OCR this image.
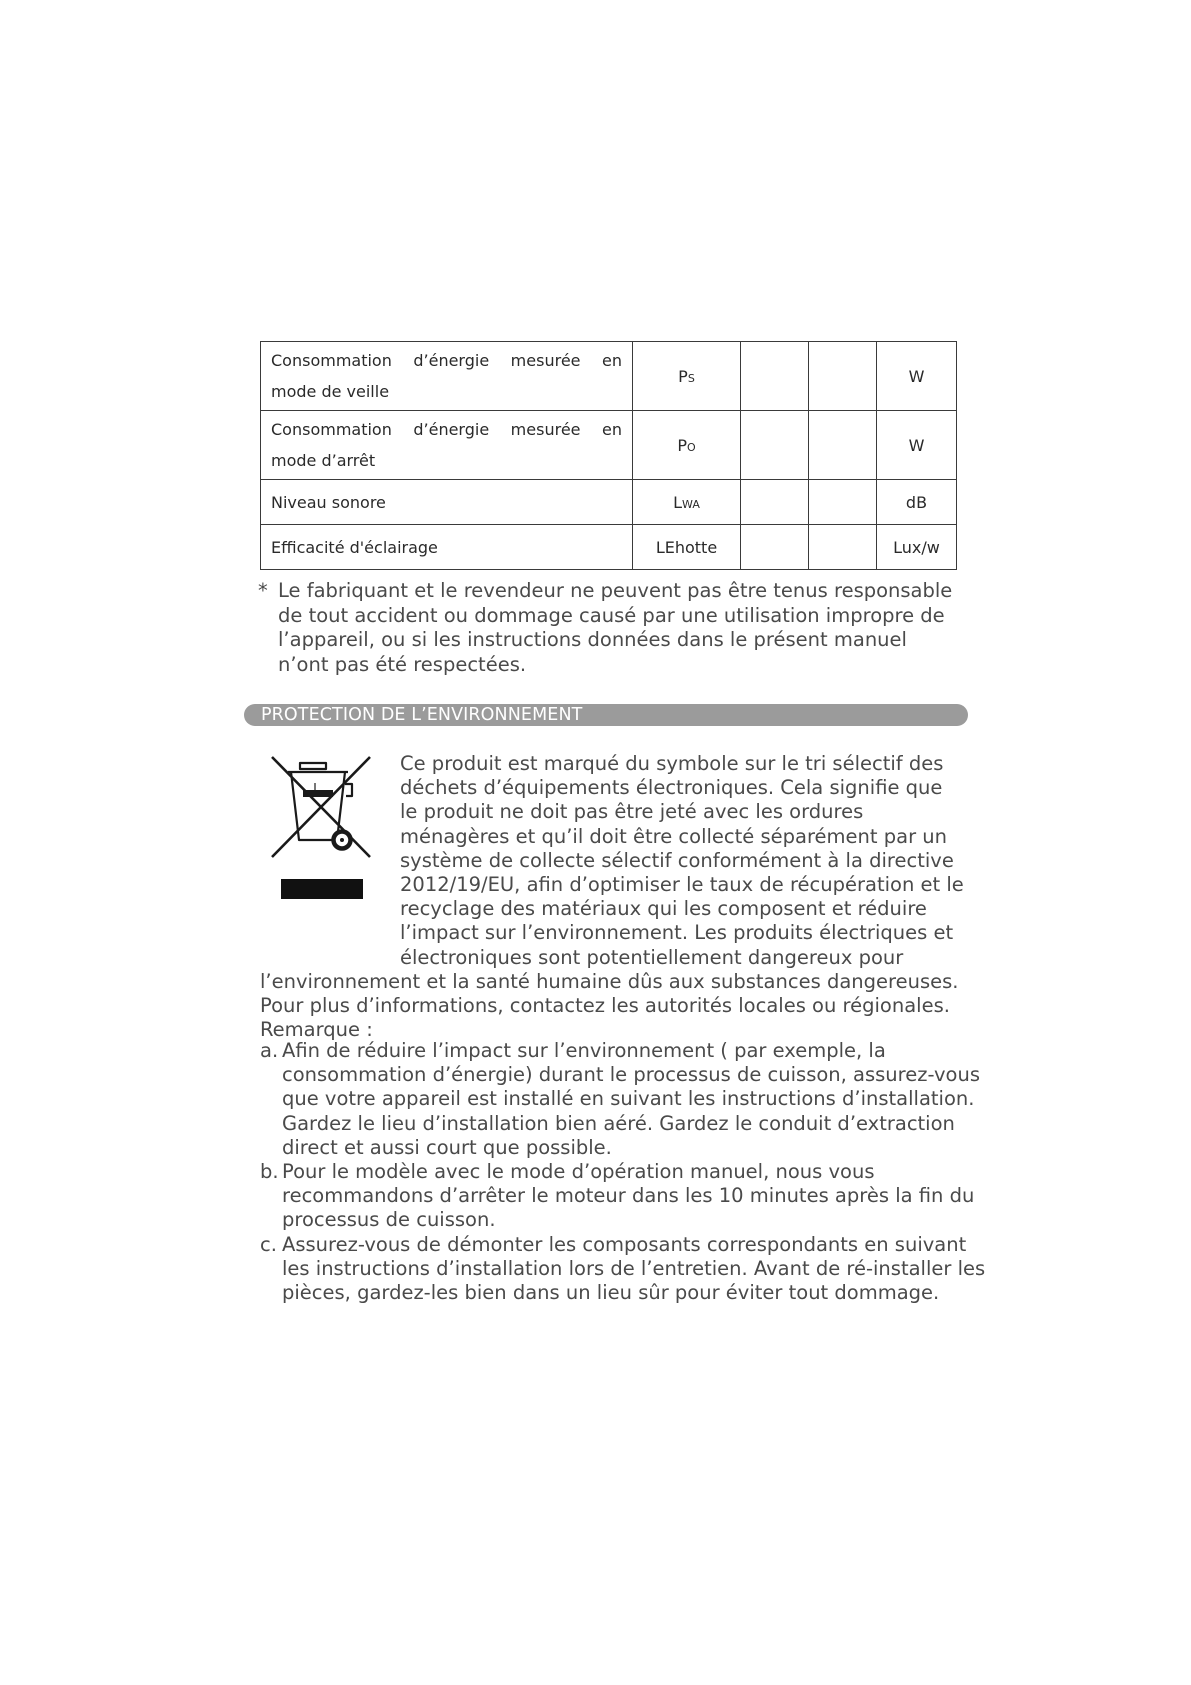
Consommation d’énergie mesurée en mode de veille	PS			W
Consommation d’énergie mesurée en mode d’arrêt	PO			W
Niveau sonore	LWA			dB
Efficacité d'éclairage	LEhotte			Lux/w
* Le fabriquant et le revendeur ne peuvent pas être tenus responsable de tout accident ou dommage causé par une utilisation impropre de l’appareil, ou si les instructions données dans le présent manuel n’ont pas été respectées.

PROTECTION DE L’ENVIRONNEMENT
Ce produit est marqué du symbole sur le tri sélectif des
déchets d’équipements électroniques. Cela signifie que
le produit ne doit pas être jeté avec les ordures
ménagères et qu’il doit être collecté séparément par un
système de collecte sélectif conformément à la directive
2012/19/EU, afin d’optimiser le taux de récupération et le
recyclage des matériaux qui les composent et réduire
l’impact sur l’environnement. Les produits électriques et
électroniques sont potentiellement dangereux pour
l’environnement et la santé humaine dûs aux substances dangereuses.
Pour plus d’informations, contactez les autorités locales ou régionales.
Remarque :
a. Afin de réduire l’impact sur l’environnement ( par exemple, la
consommation d’énergie) durant le processus de cuisson, assurez-vous
que votre appareil est installé en suivant les instructions d’installation.
Gardez le lieu d’installation bien aéré. Gardez le conduit d’extraction
direct et aussi court que possible.
b. Pour le modèle avec le mode d’opération manuel, nous vous
recommandons d’arrêter le moteur dans les 10 minutes après la fin du
processus de cuisson.
c. Assurez-vous de démonter les composants correspondants en suivant
les instructions d’installation lors de l’entretien. Avant de ré-installer les
pièces, gardez-les bien dans un lieu sûr pour éviter tout dommage.
